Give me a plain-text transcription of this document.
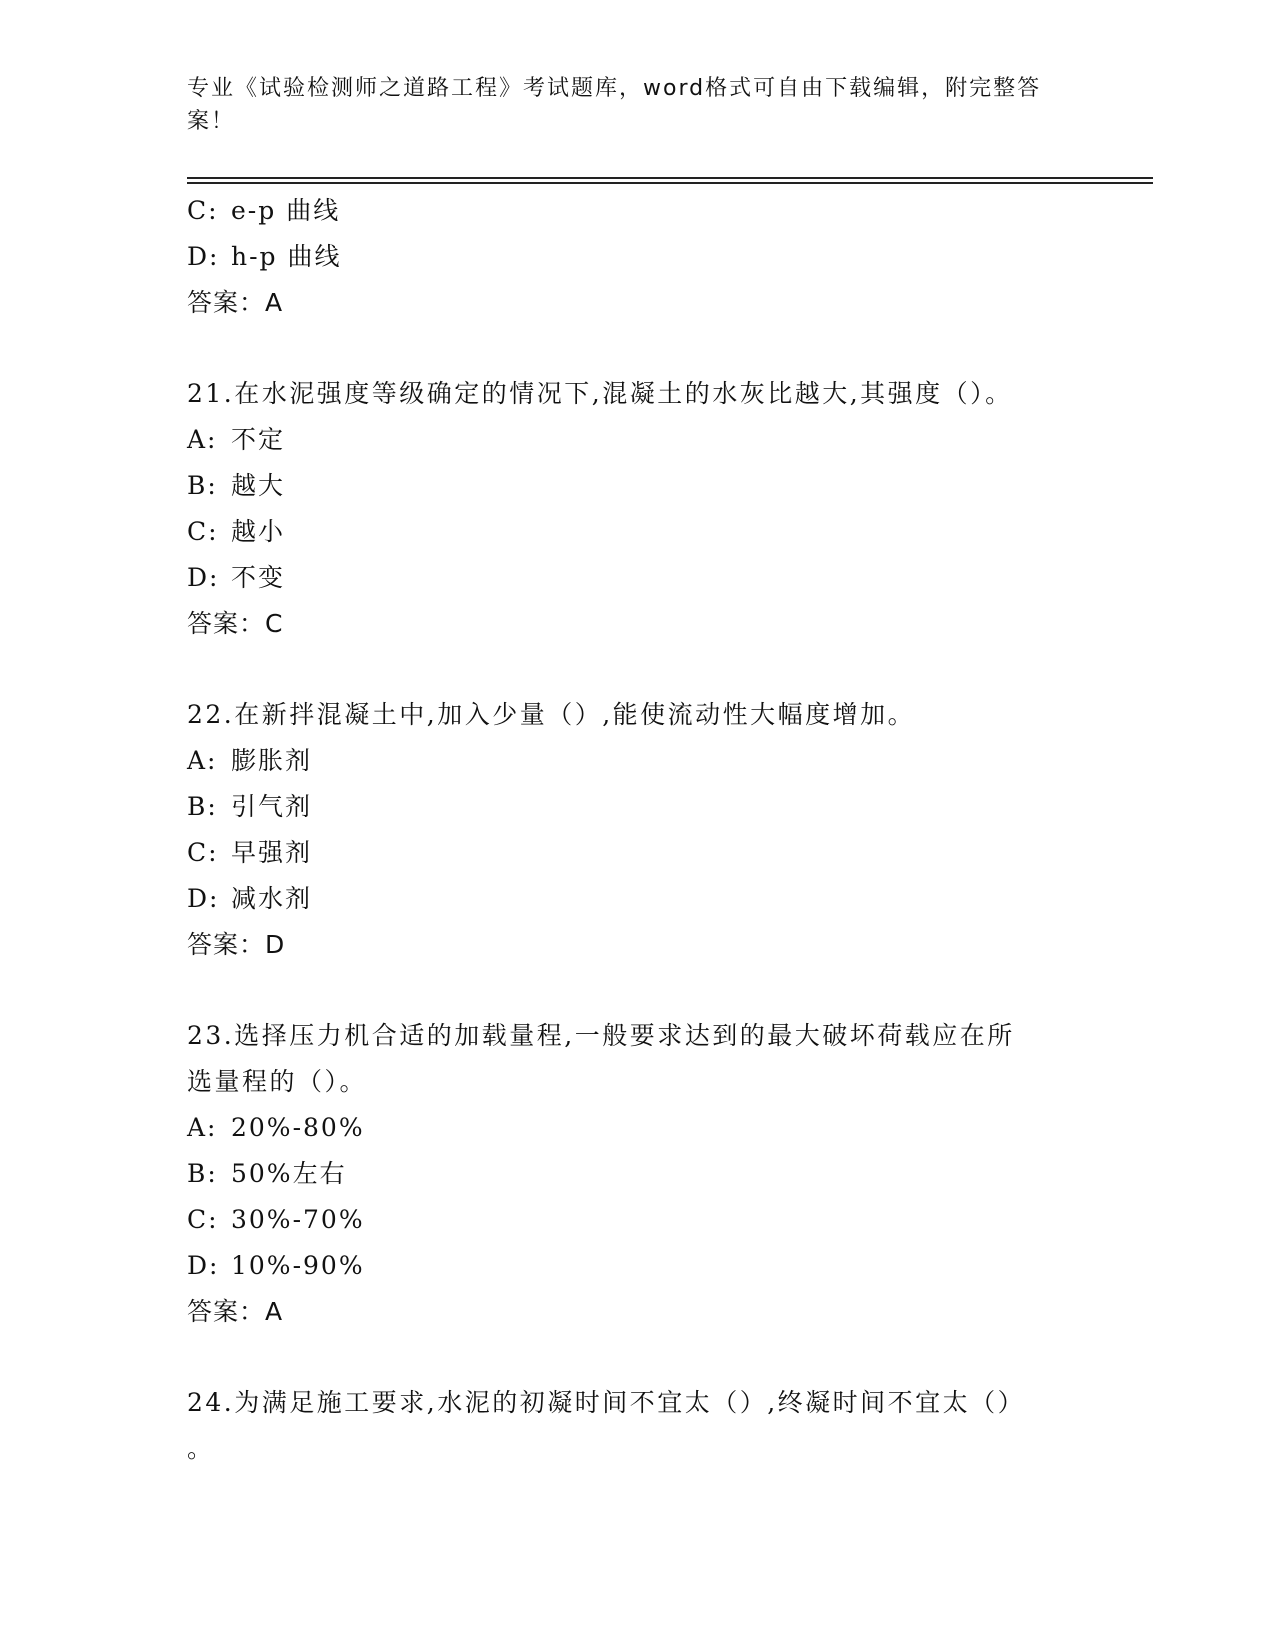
专业《试验检测师之道路工程》考试题库，word格式可自由下载编辑，附完整答
案！
C: e-p 曲线
D: h-p 曲线
答案：A
21.在水泥强度等级确定的情况下,混凝土的水灰比越大,其强度（）。
A: 不定
B: 越大
C: 越小
D: 不变
答案：C
22.在新拌混凝土中,加入少量（）,能使流动性大幅度增加。
A: 膨胀剂
B: 引气剂
C: 早强剂
D: 减水剂
答案：D
23.选择压力机合适的加载量程,一般要求达到的最大破坏荷载应在所
选量程的（）。
A: 20%-80%
B: 50%左右
C: 30%-70%
D: 10%-90%
答案：A
24.为满足施工要求,水泥的初凝时间不宜太（）,终凝时间不宜太（）
。
